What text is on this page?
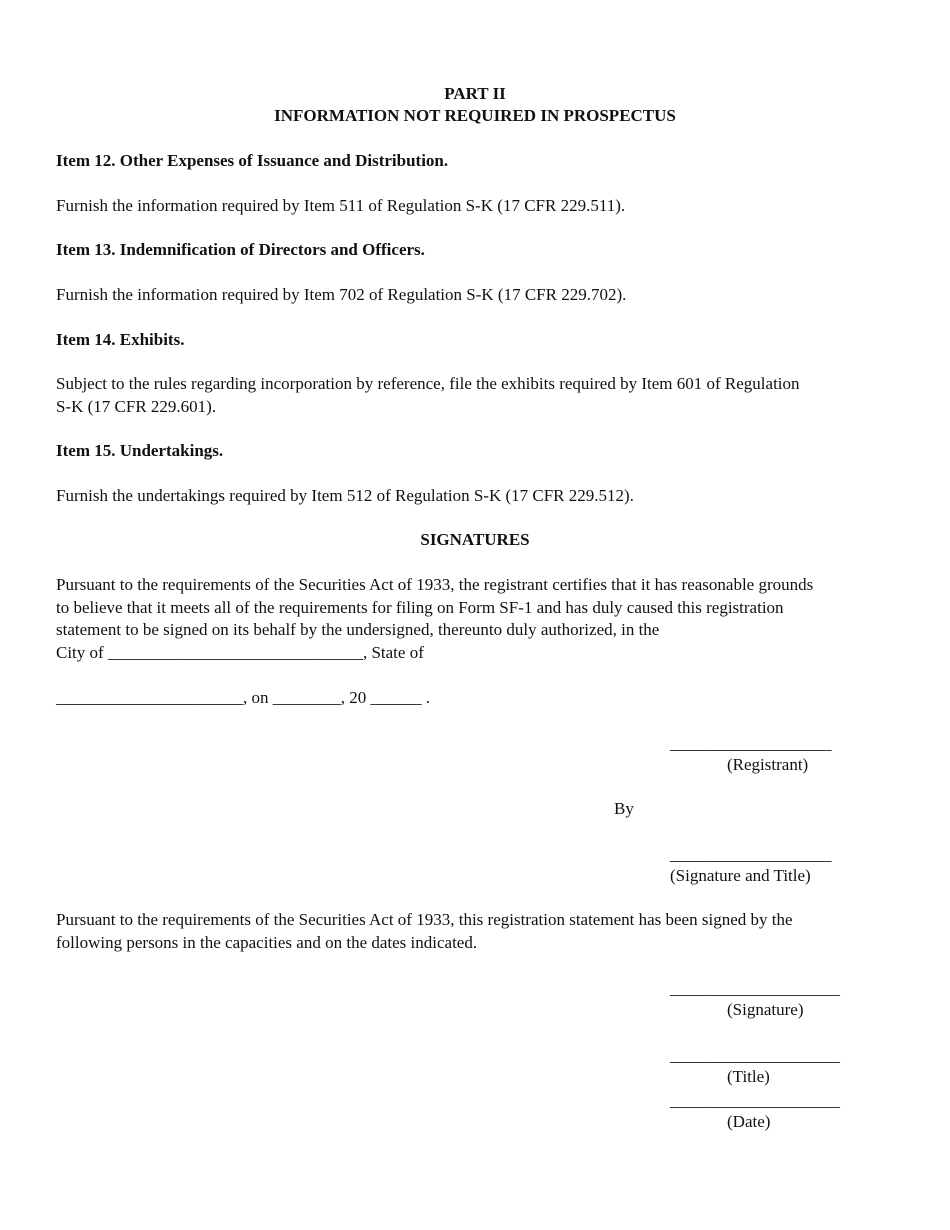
PART II
INFORMATION NOT REQUIRED IN PROSPECTUS
Item 12. Other Expenses of Issuance and Distribution.
Furnish the information required by Item 511 of Regulation S-K (17 CFR 229.511).
Item 13. Indemnification of Directors and Officers.
Furnish the information required by Item 702 of Regulation S-K (17 CFR 229.702).
Item 14. Exhibits.
Subject to the rules regarding incorporation by reference, file the exhibits required by Item 601 of Regulation
S-K (17 CFR 229.601).
Item 15. Undertakings.
Furnish the undertakings required by Item 512 of Regulation S-K (17 CFR 229.512).
SIGNATURES
Pursuant to the requirements of the Securities Act of 1933, the registrant certifies that it has reasonable grounds
to believe that it meets all of the requirements for filing on Form SF-1 and has duly caused this registration
statement to be signed on its behalf by the undersigned, thereunto duly authorized, in the
City of ______________________________, State of
______________________, on ________, 20 ______ .
___________________
(Registrant)
By
___________________
(Signature and Title)
Pursuant to the requirements of the Securities Act of 1933, this registration statement has been signed by the
following persons in the capacities and on the dates indicated.
____________________
(Signature)
____________________
(Title)
____________________
(Date)
